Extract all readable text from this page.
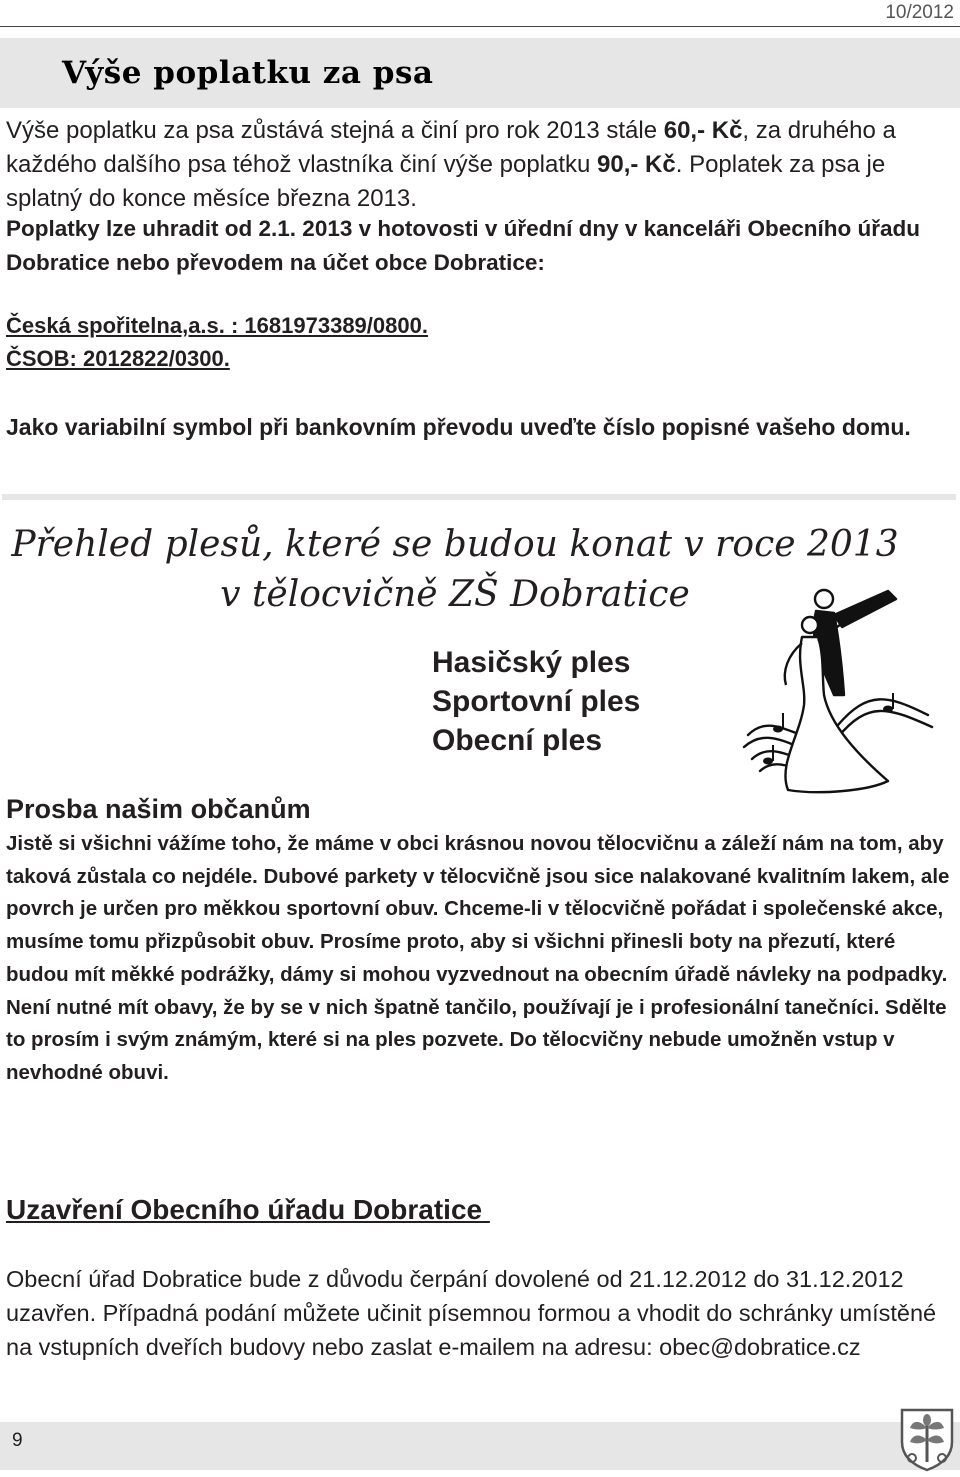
10/2012
Výše poplatku za psa

Výše poplatku za psa zůstává stejná a činí pro rok 2013 stále 60,- Kč, za druhého a každého dalšího psa téhož vlastníka činí výše poplatku 90,- Kč. Poplatek za psa je splatný do konce měsíce března 2013.

Poplatky lze uhradit od 2.1. 2013 v hotovosti v úřední dny v kanceláři Obecního úřadu Dobratice nebo převodem na účet obce Dobratice:

Česká spořitelna,a.s. : 1681973389/0800.

ČSOB: 2012822/0300.

Jako variabilní symbol při bankovním převodu uveďte číslo popisné vašeho domu.

Přehled plesů, které se budou konat v roce 2013
v tělocvičně ZŠ Dobratice
Hasičský ples
Sportovní ples
Obecní ples
Prosba našim občanům

Jistě si všichni vážíme toho, že máme v obci krásnou novou tělocvičnu a záleží nám na tom, aby taková zůstala co nejdéle. Dubové parkety v tělocvičně jsou sice nalakované kvalitním lakem, ale povrch je určen pro měkkou sportovní obuv. Chceme-li v tělocvičně pořádat i společenské akce, musíme tomu přizpůsobit obuv. Prosíme proto, aby si všichni přinesli boty na přezutí, které budou mít měkké podrážky, dámy si mohou vyzvednout na obecním úřadě návleky na podpadky.
Není nutné mít obavy, že by se v nich špatně tančilo, používají je i profesionální tanečníci. Sdělte to prosím i svým známým, které si na ples pozvete. Do tělocvičny nebude umožněn vstup v nevhodné obuvi.

Uzavření Obecního úřadu Dobratice

Obecní úřad Dobratice bude z důvodu čerpání dovolené od 21.12.2012 do 31.12.2012 uzavřen. Případná podání můžete učinit písemnou formou a vhodit do schránky umístěné na vstupních dveřích budovy nebo zaslat e-mailem na adresu: obec@dobratice.cz

9
